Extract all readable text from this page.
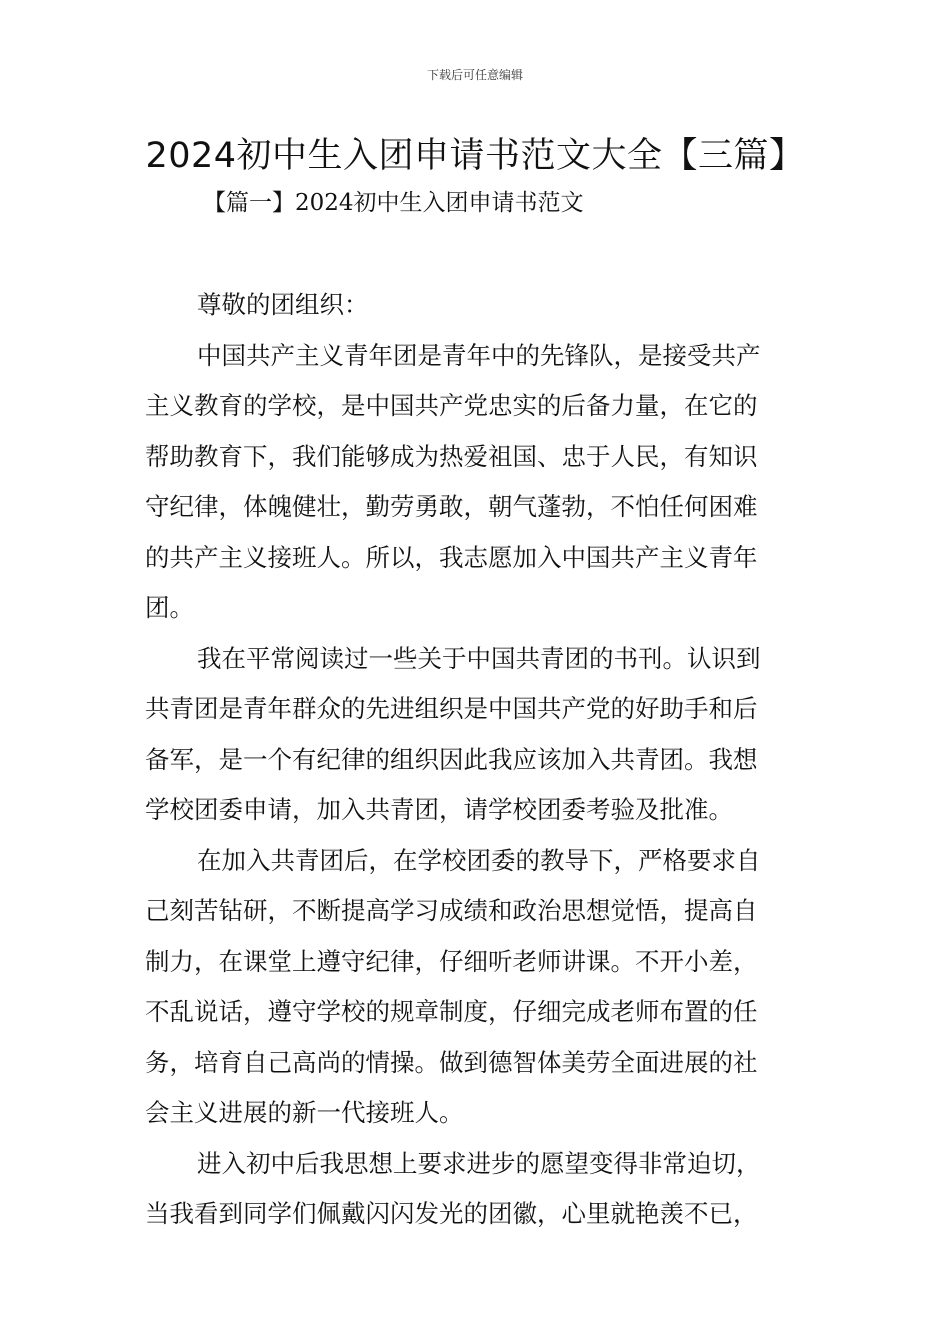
下载后可任意编辑
2024初中生入团申请书范文大全【三篇】
【篇一】2024初中生入团申请书范文
尊敬的团组织：
中国共产主义青年团是青年中的先锋队，是接受共产
主义教育的学校，是中国共产党忠实的后备力量，在它的
帮助教育下，我们能够成为热爱祖国、忠于人民，有知识
守纪律，体魄健壮，勤劳勇敢，朝气蓬勃，不怕任何困难
的共产主义接班人。所以，我志愿加入中国共产主义青年
团。
我在平常阅读过一些关于中国共青团的书刊。认识到
共青团是青年群众的先进组织是中国共产党的好助手和后
备军，是一个有纪律的组织因此我应该加入共青团。我想
学校团委申请，加入共青团，请学校团委考验及批准。
在加入共青团后，在学校团委的教导下，严格要求自
己刻苦钻研，不断提高学习成绩和政治思想觉悟，提高自
制力，在课堂上遵守纪律，仔细听老师讲课。不开小差，
不乱说话，遵守学校的规章制度，仔细完成老师布置的任
务，培育自己高尚的情操。做到德智体美劳全面进展的社
会主义进展的新一代接班人。
进入初中后我思想上要求进步的愿望变得非常迫切，
当我看到同学们佩戴闪闪发光的团徽，心里就艳羡不已，
